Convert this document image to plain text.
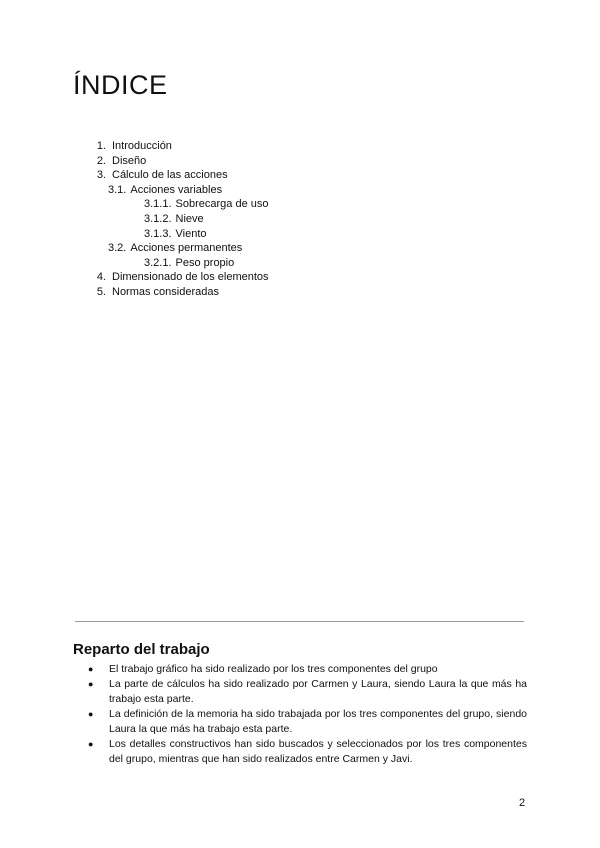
ÍNDICE
1. Introducción
2. Diseño
3. Cálculo de las acciones
3.1. Acciones variables
3.1.1. Sobrecarga de uso
3.1.2. Nieve
3.1.3. Viento
3.2. Acciones permanentes
3.2.1. Peso propio
4. Dimensionado de los elementos
5. Normas consideradas
Reparto del trabajo
● El trabajo gráfico ha sido realizado por los tres componentes del grupo
● La parte de cálculos ha sido realizado por Carmen y Laura, siendo Laura la que más ha trabajo esta parte.
● La definición de la memoria ha sido trabajada por los tres componentes del grupo, siendo Laura la que más ha trabajo esta parte.
● Los detalles constructivos han sido buscados y seleccionados por los tres componentes del grupo, mientras que han sido realizados entre Carmen y Javi.
2
